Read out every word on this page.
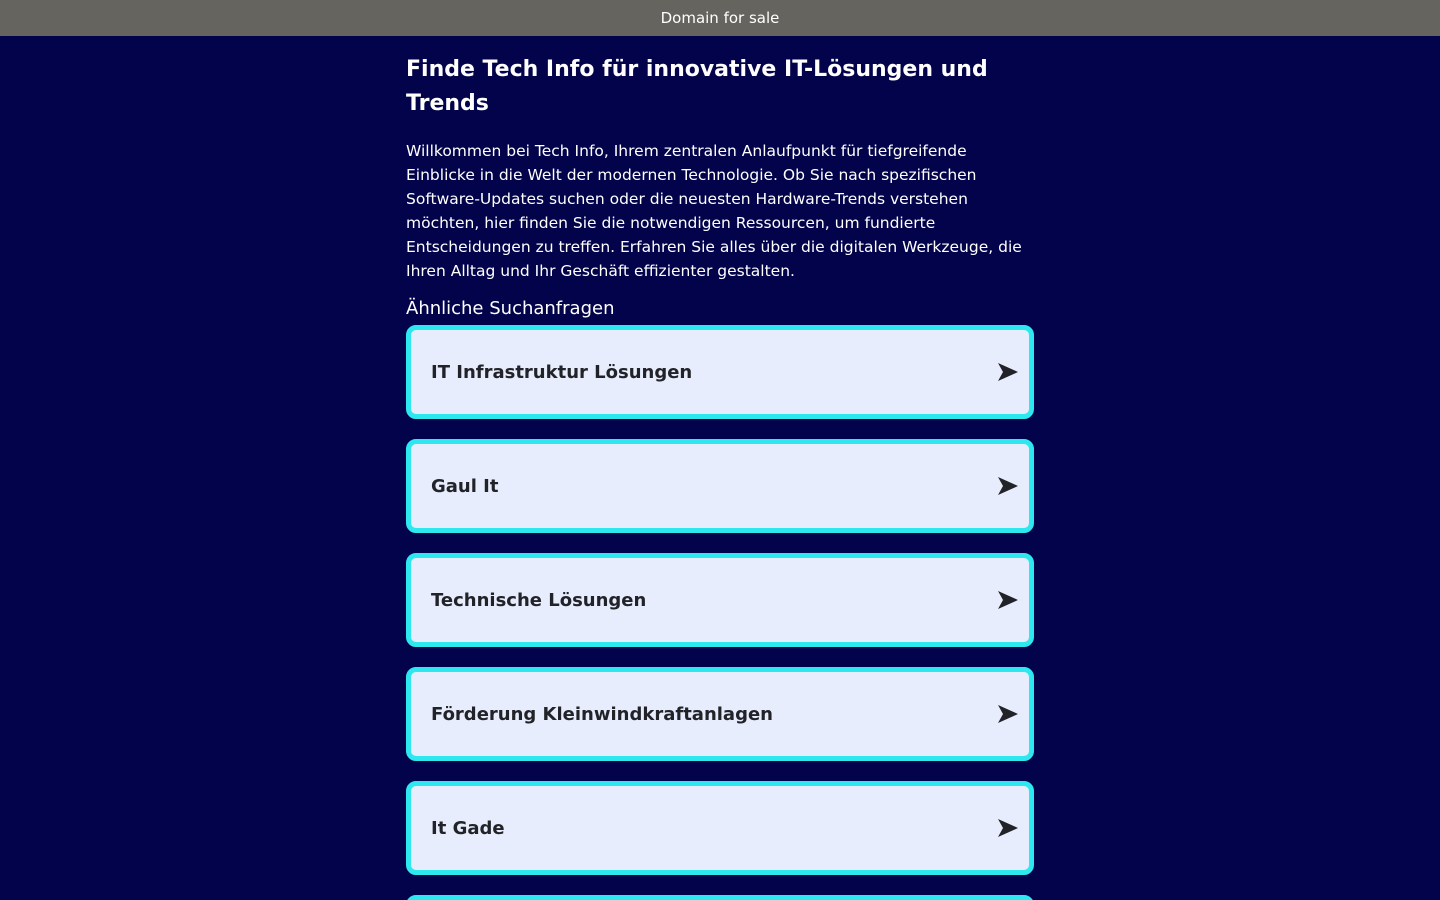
Domain for sale
Finde Tech Info für innovative IT-Lösungen und Trends

Willkommen bei Tech Info, Ihrem zentralen Anlaufpunkt für tiefgreifende Einblicke in die Welt der modernen Technologie. Ob Sie nach spezifischen Software-Updates suchen oder die neuesten Hardware-Trends verstehen möchten, hier finden Sie die notwendigen Ressourcen, um fundierte Entscheidungen zu treffen. Erfahren Sie alles über die digitalen Werkzeuge, die Ihren Alltag und Ihr Geschäft effizienter gestalten.

Ähnliche Suchanfragen
IT Infrastruktur Lösungen
Gaul It
Technische Lösungen
Förderung Kleinwindkraftanlagen
It Gade
